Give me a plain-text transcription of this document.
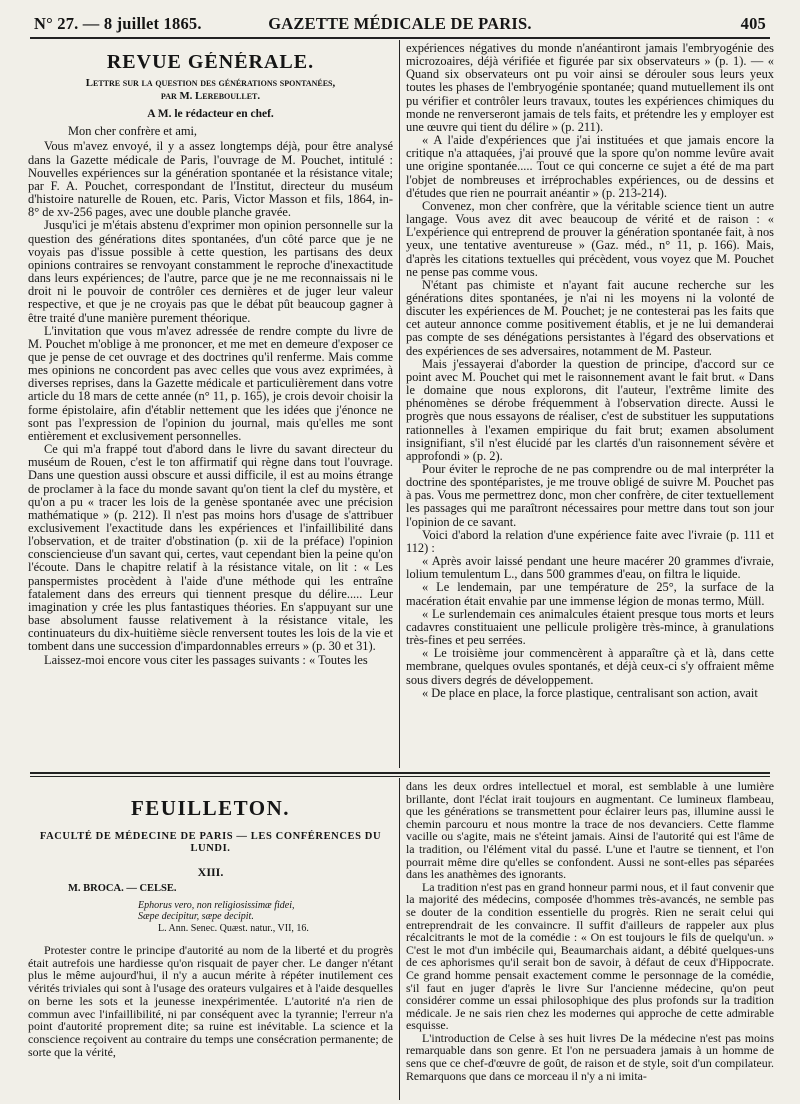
N° 27. — 8 juillet 1865.	GAZETTE MÉDICALE DE PARIS.	405
REVUE GÉNÉRALE.
Lettre sur la question des générations spontanées,
par M. Lereboullet.
A M. le rédacteur en chef.

Mon cher confrère et ami,

Vous m'avez envoyé, il y a assez longtemps déjà, pour être analysé dans la Gazette médicale de Paris, l'ouvrage de M. Pouchet, intitulé : Nouvelles expériences sur la génération spontanée et la résistance vitale; par F. A. Pouchet, correspondant de l'Institut, directeur du muséum d'histoire naturelle de Rouen, etc. Paris, Victor Masson et fils, 1864, in-8° de xv-256 pages, avec une double planche gravée.

Jusqu'ici je m'étais abstenu d'exprimer mon opinion personnelle sur la question des générations dites spontanées, d'un côté parce que je ne voyais pas d'issue possible à cette question, les partisans des deux opinions contraires se renvoyant constamment le reproche d'inexactitude dans leurs expériences; de l'autre, parce que je ne me reconnaissais ni le droit ni le pouvoir de contrôler ces dernières et de juger leur valeur respective, et que je ne croyais pas que le débat pût beaucoup gagner à être traité d'une manière purement théorique.

L'invitation que vous m'avez adressée de rendre compte du livre de M. Pouchet m'oblige à me prononcer, et me met en demeure d'exposer ce que je pense de cet ouvrage et des doctrines qu'il renferme. Mais comme mes opinions ne concordent pas avec celles que vous avez exprimées, à diverses reprises, dans la Gazette médicale et particulièrement dans votre article du 18 mars de cette année (n° 11, p. 165), je crois devoir choisir la forme épistolaire, afin d'établir nettement que les idées que j'énonce ne sont pas l'expression de l'opinion du journal, mais qu'elles me sont entièrement et exclusivement personnelles.

Ce qui m'a frappé tout d'abord dans le livre du savant directeur du muséum de Rouen, c'est le ton affirmatif qui règne dans tout l'ouvrage. Dans une question aussi obscure et aussi difficile, il est au moins étrange de proclamer à la face du monde savant qu'on tient la clef du mystère, et qu'on a pu « tracer les lois de la genèse spontanée avec une précision mathématique » (p. 212). Il n'est pas moins hors d'usage de s'attribuer exclusivement l'exactitude dans les expériences et l'infaillibilité dans l'observation, et de traiter d'obstination (p. xii de la préface) l'opinion consciencieuse d'un savant qui, certes, vaut cependant bien la peine qu'on l'écoute. Dans le chapitre relatif à la résistance vitale, on lit : « Les panspermistes procèdent à l'aide d'une méthode qui les entraîne fatalement dans des erreurs qui tiennent presque du délire..... Leur imagination y crée les plus fantastiques théories. En s'appuyant sur une base absolument fausse relativement à la résistance vitale, les continuateurs du dix-huitième siècle renversent toutes les lois de la vie et tombent dans une succession d'impardonnables erreurs » (p. 30 et 31).

Laissez-moi encore vous citer les passages suivants : « Toutes les

expériences négatives du monde n'anéantiront jamais l'embryogénie des microzoaires, déjà vérifiée et figurée par six observateurs » (p. 1). — « Quand six observateurs ont pu voir ainsi se dérouler sous leurs yeux toutes les phases de l'embryogénie spontanée; quand mutuellement ils ont pu vérifier et contrôler leurs travaux, toutes les expériences chimiques du monde ne renverseront jamais de tels faits, et prétendre les y employer est une œuvre qui tient du délire » (p. 211).

« A l'aide d'expériences que j'ai instituées et que jamais encore la critique n'a attaquées, j'ai prouvé que la spore qu'on nomme levûre avait une origine spontanée..... Tout ce qui concerne ce sujet a été de ma part l'objet de nombreuses et irréprochables expériences, ou de dessins et d'études que rien ne pourrait anéantir » (p. 213-214).

Convenez, mon cher confrère, que la véritable science tient un autre langage. Vous avez dit avec beaucoup de vérité et de raison : « L'expérience qui entreprend de prouver la génération spontanée fait, à nos yeux, une tentative aventureuse » (Gaz. méd., n° 11, p. 166). Mais, d'après les citations textuelles qui précèdent, vous voyez que M. Pouchet ne pense pas comme vous.

N'étant pas chimiste et n'ayant fait aucune recherche sur les générations dites spontanées, je n'ai ni les moyens ni la volonté de discuter les expériences de M. Pouchet; je ne contesterai pas les faits que cet auteur annonce comme positivement établis, et je ne lui demanderai pas compte de ses dénégations persistantes à l'égard des observations et des expériences de ses adversaires, notamment de M. Pasteur.

Mais j'essayerai d'aborder la question de principe, d'accord sur ce point avec M. Pouchet qui met le raisonnement avant le fait brut. « Dans le domaine que nous explorons, dit l'auteur, l'extrême limite des phénomènes se dérobe fréquemment à l'observation directe. Aussi le progrès que nous essayons de réaliser, c'est de substituer les supputations rationnelles à l'examen empirique du fait brut; examen absolument insignifiant, s'il n'est élucidé par les clartés d'un raisonnement sévère et approfondi » (p. 2).

Pour éviter le reproche de ne pas comprendre ou de mal interpréter la doctrine des spontéparistes, je me trouve obligé de suivre M. Pouchet pas à pas. Vous me permettrez donc, mon cher confrère, de citer textuellement les passages qui me paraîtront nécessaires pour mettre dans tout son jour l'opinion de ce savant.

Voici d'abord la relation d'une expérience faite avec l'ivraie (p. 111 et 112) :

« Après avoir laissé pendant une heure macérer 20 grammes d'ivraie, lolium temulentum L., dans 500 grammes d'eau, on filtra le liquide.

« Le lendemain, par une température de 25°, la surface de la macération était envahie par une immense légion de monas termo, Müll.

« Le surlendemain ces animalcules étaient presque tous morts et leurs cadavres constituaient une pellicule proligère très-mince, à granulations très-fines et peu serrées.

« Le troisième jour commencèrent à apparaître çà et là, dans cette membrane, quelques ovules spontanés, et déjà ceux-ci s'y offraient même sous divers degrés de développement.

« De place en place, la force plastique, centralisant son action, avait

FEUILLETON.
FACULTÉ DE MÉDECINE DE PARIS — LES CONFÉRENCES DU LUNDI.
XIII.
M. BROCA. — CELSE.
Ephorus vero, non religiosissimæ fidei,
Sæpe decipitur, sæpe decipit.
L. Ann. Senec. Quæst. natur., VII, 16.

Protester contre le principe d'autorité au nom de la liberté et du progrès était autrefois une hardiesse qu'on risquait de payer cher. Le danger n'étant plus le même aujourd'hui, il n'y a aucun mérite à répéter inutilement ces vérités triviales qui sont à l'usage des orateurs vulgaires et à l'aide desquelles on berne les sots et la jeunesse inexpérimentée. L'autorité n'a rien de commun avec l'infaillibilité, ni par conséquent avec la tyrannie; l'erreur n'a point d'autorité proprement dite; sa ruine est inévitable. La science et la conscience reçoivent au contraire du temps une consécration permanente; de sorte que la vérité,

dans les deux ordres intellectuel et moral, est semblable à une lumière brillante, dont l'éclat irait toujours en augmentant. Ce lumineux flambeau, que les générations se transmettent pour éclairer leurs pas, illumine aussi le chemin parcouru et nous montre la trace de nos devanciers. Cette flamme vacille ou s'agite, mais ne s'éteint jamais. Ainsi de l'autorité qui est l'âme de la tradition, ou l'élément vital du passé. L'une et l'autre se tiennent, et l'on pourrait même dire qu'elles se confondent. Aussi ne sont-elles pas séparées dans les anathèmes des ignorants.

La tradition n'est pas en grand honneur parmi nous, et il faut convenir que la majorité des médecins, composée d'hommes très-avancés, ne semble pas se douter de la condition essentielle du progrès. Rien ne serait celui qui entreprendrait de les convaincre. Il suffit d'ailleurs de rappeler aux plus récalcitrants le mot de la comédie : « On est toujours le fils de quelqu'un. » C'est le mot d'un imbécile qui, Beaumarchais aidant, a débité quelques-uns de ces aphorismes qu'il serait bon de savoir, à défaut de ceux d'Hippocrate. Ce grand homme pensait exactement comme le personnage de la comédie, s'il faut en juger d'après le livre Sur l'ancienne médecine, qu'on peut considérer comme un essai philosophique des plus profonds sur la tradition médicale. Je ne sais rien chez les modernes qui approche de cette admirable esquisse.

L'introduction de Celse à ses huit livres De la médecine n'est pas moins remarquable dans son genre. Et l'on ne persuadera jamais à un homme de sens que ce chef-d'œuvre de goût, de raison et de style, soit d'un compilateur. Remarquons que dans ce morceau il n'y a ni imita-
